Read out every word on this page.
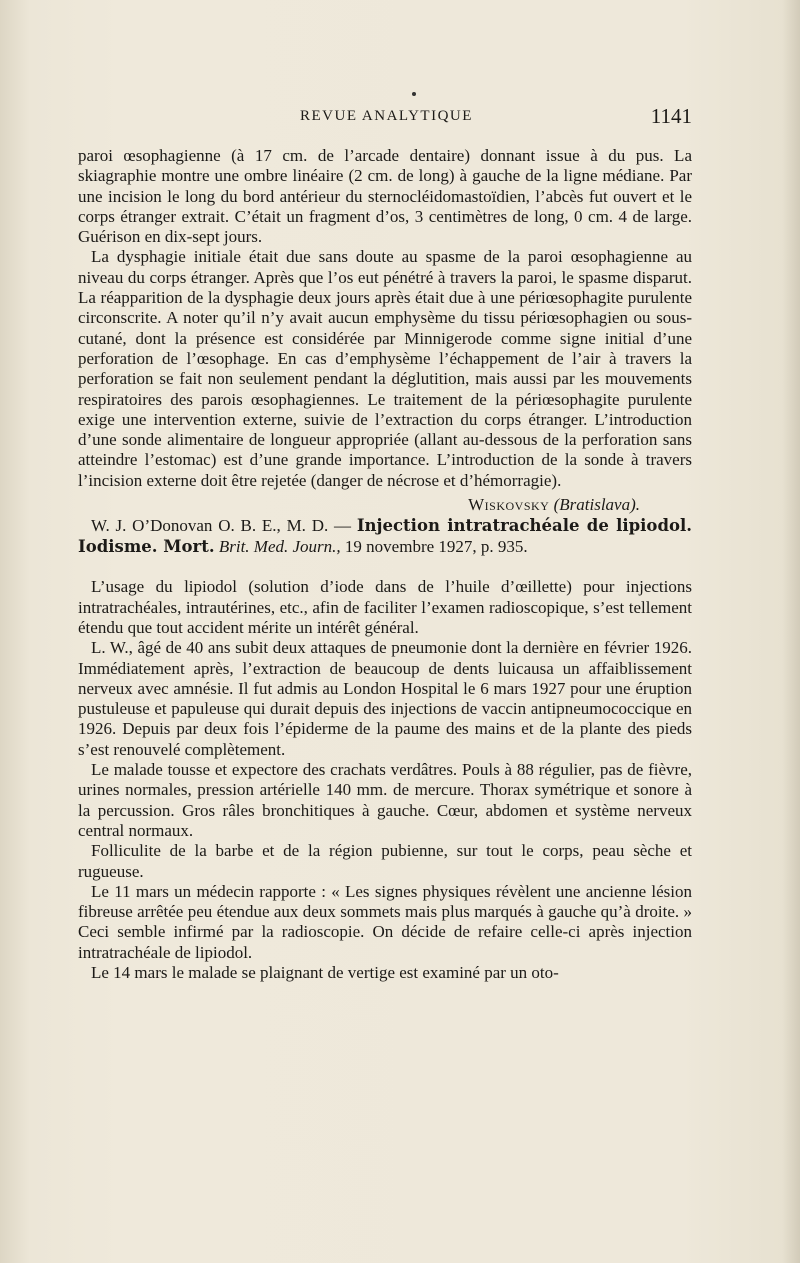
REVUE ANALYTIQUE	1141

paroi œsophagienne (à 17 cm. de l’arcade dentaire) donnant issue à du pus. La skiagraphie montre une ombre linéaire (2 cm. de long) à gauche de la ligne médiane. Par une incision le long du bord antérieur du sternocléidomastoïdien, l’abcès fut ouvert et le corps étranger extrait. C’était un fragment d’os, 3 centimètres de long, 0 cm. 4 de large. Guérison en dix-sept jours.

La dysphagie initiale était due sans doute au spasme de la paroi œsophagienne au niveau du corps étranger. Après que l’os eut pénétré à travers la paroi, le spasme disparut. La réapparition de la dysphagie deux jours après était due à une périœsophagite purulente circonscrite. A noter qu’il n’y avait aucun emphysème du tissu périœsophagien ou sous-cutané, dont la présence est considérée par Minnigerode comme signe initial d’une perforation de l’œsophage. En cas d’emphysème l’échappement de l’air à travers la perforation se fait non seulement pendant la déglutition, mais aussi par les mouvements respiratoires des parois œsophagiennes. Le traitement de la périœsophagite purulente exige une intervention externe, suivie de l’extraction du corps étranger. L’introduction d’une sonde alimentaire de longueur appropriée (allant au-dessous de la perforation sans atteindre l’estomac) est d’une grande importance. L’introduction de la sonde à travers l’incision externe doit être rejetée (danger de nécrose et d’hémorragie).

Wiskovsky (Bratislava).

W. J. O’Donovan O. B. E., M. D. — Injection intratrachéale de lipiodol. Iodisme. Mort. Brit. Med. Journ., 19 novembre 1927, p. 935.

L’usage du lipiodol (solution d’iode dans de l’huile d’œillette) pour injections intratrachéales, intrautérines, etc., afin de faciliter l’examen radioscopique, s’est tellement étendu que tout accident mérite un intérêt général.

L. W., âgé de 40 ans subit deux attaques de pneumonie dont la dernière en février 1926. Immédiatement après, l’extraction de beaucoup de dents luicausa un affaiblissement nerveux avec amnésie. Il fut admis au London Hospital le 6 mars 1927 pour une éruption pustuleuse et papuleuse qui durait depuis des injections de vaccin antipneumococcique en 1926. Depuis par deux fois l’épiderme de la paume des mains et de la plante des pieds s’est renouvelé complètement.

Le malade tousse et expectore des crachats verdâtres. Pouls à 88 régulier, pas de fièvre, urines normales, pression artérielle 140 mm. de mercure. Thorax symétrique et sonore à la percussion. Gros râles bronchitiques à gauche. Cœur, abdomen et système nerveux central normaux.

Folliculite de la barbe et de la région pubienne, sur tout le corps, peau sèche et rugueuse.

Le 11 mars un médecin rapporte : « Les signes physiques révèlent une ancienne lésion fibreuse arrêtée peu étendue aux deux sommets mais plus marqués à gauche qu’à droite. » Ceci semble infirmé par la radioscopie. On décide de refaire celle-ci après injection intratrachéale de lipiodol.

Le 14 mars le malade se plaignant de vertige est examiné par un oto-
